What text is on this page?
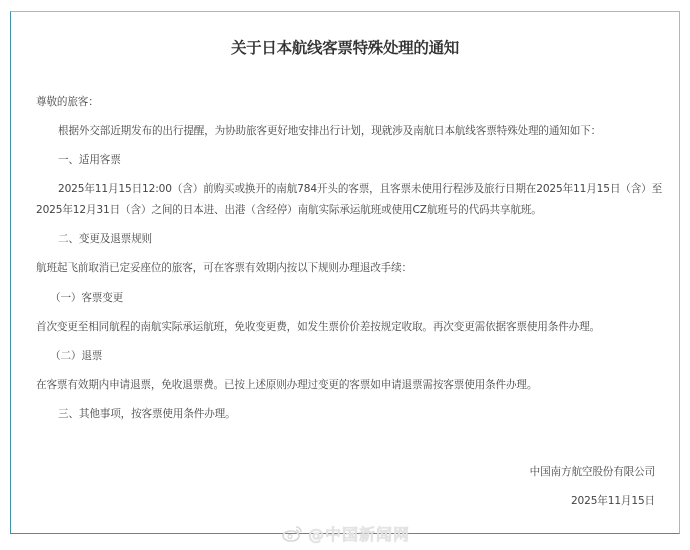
关于日本航线客票特殊处理的通知
尊敬的旅客：
根据外交部近期发布的出行提醒，为协助旅客更好地安排出行计划，现就涉及南航日本航线客票特殊处理的通知如下：
一、适用客票
2025年11月15日12:00（含）前购买或换开的南航784开头的客票，且客票未使用行程涉及旅行日期在2025年11月15日（含）至
2025年12月31日（含）之间的日本进、出港（含经停）南航实际承运航班或使用CZ航班号的代码共享航班。
二、变更及退票规则
航班起飞前取消已定妥座位的旅客，可在客票有效期内按以下规则办理退改手续：
（一）客票变更
首次变更至相同航程的南航实际承运航班，免收变更费，如发生票价价差按规定收取。再次变更需依据客票使用条件办理。
（二）退票
在客票有效期内申请退票，免收退票费。已按上述原则办理过变更的客票如申请退票需按客票使用条件办理。
三、其他事项，按客票使用条件办理。
中国南方航空股份有限公司
2025年11月15日
@中国新闻网
